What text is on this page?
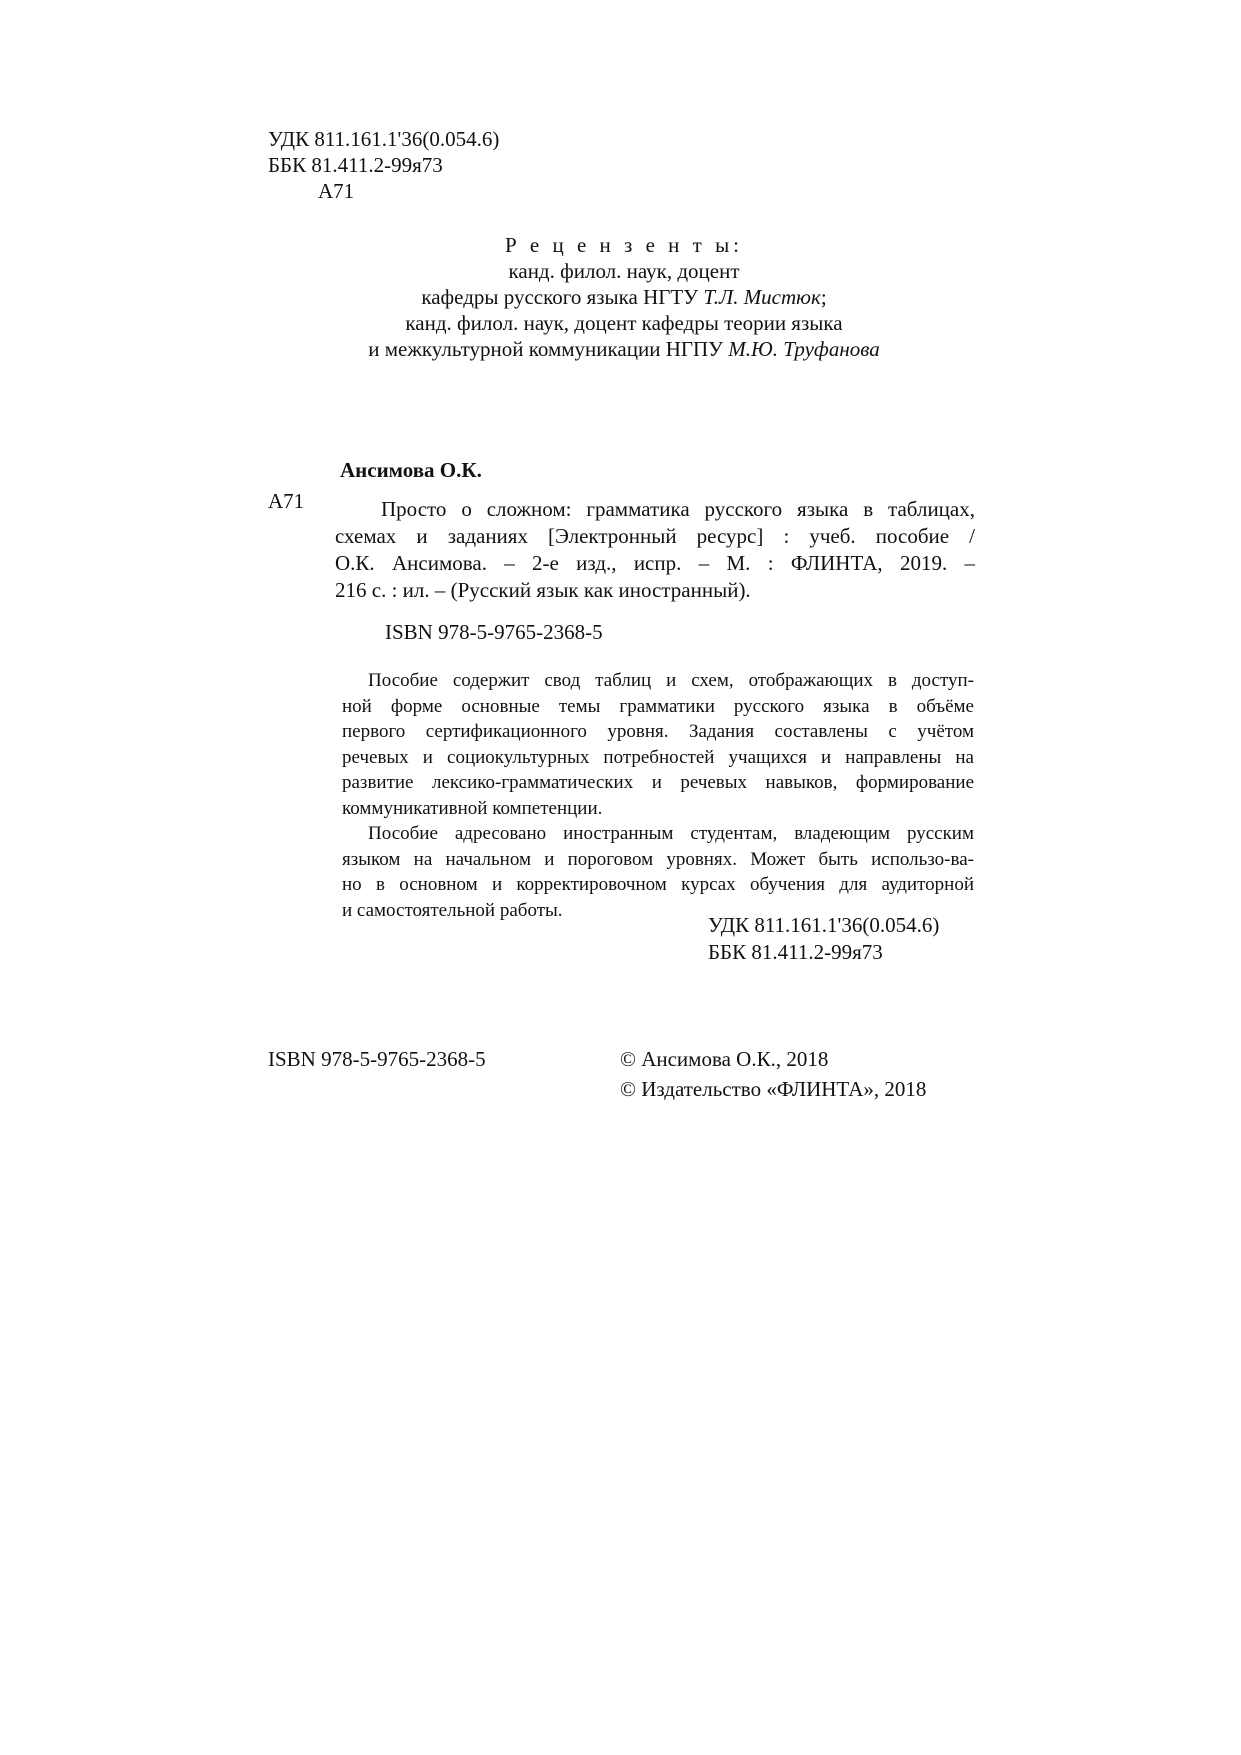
УДК 811.161.1'36(0.054.6)
ББК 81.411.2-99я73
А71
Р е ц е н з е н т ы:
канд. филол. наук, доцент
кафедры русского языка НГТУ Т.Л. Мистюк;
канд. филол. наук, доцент кафедры теории языка
и межкультурной коммуникации НГПУ М.Ю. Труфанова
Ансимова О.К.
А71	Просто о сложном: грамматика русского языка в таблицах,
схемах и заданиях [Электронный ресурс] : учеб. пособие /
О.К. Ансимова. – 2-е изд., испр. – М. : ФЛИНТА, 2019. –
216 с. : ил. – (Русский язык как иностранный).
ISBN 978-5-9765-2368-5
Пособие содержит свод таблиц и схем, отображающих в доступ-
ной форме основные темы грамматики русского языка в объёме
первого сертификационного уровня. Задания составлены с учётом
речевых и социокультурных потребностей учащихся и направлены на
развитие лексико-грамматических и речевых навыков, формирование
коммуникативной компетенции.
Пособие адресовано иностранным студентам, владеющим русским
языком на начальном и пороговом уровнях. Может быть использо-ва-
но в основном и корректировочном курсах обучения для аудиторной
и самостоятельной работы.
УДК 811.161.1'36(0.054.6)
ББК 81.411.2-99я73
ISBN 978-5-9765-2368-5	© Ансимова О.К., 2018
© Издательство «ФЛИНТА», 2018
